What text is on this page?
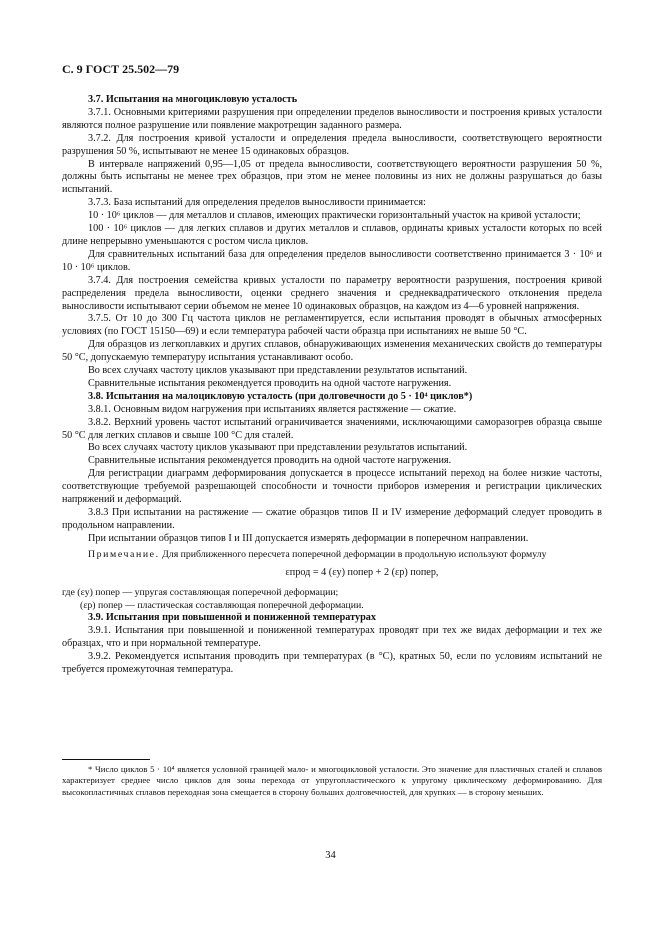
С. 9 ГОСТ 25.502—79

3.7. Испытания на многоцикловую усталость

3.7.1. Основными критериями разрушения при определении пределов выносливости и построения кривых усталости являются полное разрушение или появление макротрещин заданного размера.

3.7.2. Для построения кривой усталости и определения предела выносливости, соответствующего вероятности разрушения 50 %, испытывают не менее 15 одинаковых образцов.

В интервале напряжений 0,95—1,05 от предела выносливости, соответствующего вероятности разрушения 50 %, должны быть испытаны не менее трех образцов, при этом не менее половины из них не должны разрушаться до базы испытаний.

3.7.3. База испытаний для определения пределов выносливости принимается:

10 · 10⁶ циклов — для металлов и сплавов, имеющих практически горизонтальный участок на кривой усталости;

100 · 10⁶ циклов — для легких сплавов и других металлов и сплавов, ординаты кривых усталости которых по всей длине непрерывно уменьшаются с ростом числа циклов.

Для сравнительных испытаний база для определения пределов выносливости соответственно принимается 3 · 10⁶ и 10 · 10⁶ циклов.

3.7.4. Для построения семейства кривых усталости по параметру вероятности разрушения, построения кривой распределения предела выносливости, оценки среднего значения и среднеквадратического отклонения предела выносливости испытывают серии объемом не менее 10 одинаковых образцов, на каждом из 4—6 уровней напряжения.

3.7.5. От 10 до 300 Гц частота циклов не регламентируется, если испытания проводят в обычных атмосферных условиях (по ГОСТ 15150—69) и если температура рабочей части образца при испытаниях не выше 50 °С.

Для образцов из легкоплавких и других сплавов, обнаруживающих изменения механических свойств до температуры 50 °С, допускаемую температуру испытания устанавливают особо.

Во всех случаях частоту циклов указывают при представлении результатов испытаний.

Сравнительные испытания рекомендуется проводить на одной частоте нагружения.

3.8. Испытания на малоцикловую усталость (при долговечности до 5 · 10⁴ циклов*)

3.8.1. Основным видом нагружения при испытаниях является растяжение — сжатие.

3.8.2. Верхний уровень частот испытаний ограничивается значениями, исключающими саморазогрев образца свыше 50 °С для легких сплавов и свыше 100 °С для сталей.

Во всех случаях частоту циклов указывают при представлении результатов испытаний.

Сравнительные испытания рекомендуется проводить на одной частоте нагружения.

Для регистрации диаграмм деформирования допускается в процессе испытаний переход на более низкие частоты, соответствующие требуемой разрешающей способности и точности приборов измерения и регистрации циклических напряжений и деформаций.

3.8.3 При испытании на растяжение — сжатие образцов типов II и IV измерение деформаций следует проводить в продольном направлении.

При испытании образцов типов I и III допускается измерять деформации в поперечном направлении.

Примечание. Для приближенного пересчета поперечной деформации в продольную используют формулу

εпрод = 4 (εу) попер + 2 (εр) попер,

где (εу) попер — упругая составляющая поперечной деформации;

(εр) попер — пластическая составляющая поперечной деформации.

3.9. Испытания при повышенной и пониженной температурах

3.9.1. Испытания при повышенной и пониженной температурах проводят при тех же видах деформации и тех же образцах, что и при нормальной температуре.

3.9.2. Рекомендуется испытания проводить при температурах (в °С), кратных 50, если по условиям испытаний не требуется промежуточная температура.

* Число циклов 5 · 10⁴ является условной границей мало- и многоцикловой усталости. Это значение для пластичных сталей и сплавов характеризует среднее число циклов для зоны перехода от упругопластического к упругому циклическому деформированию. Для высокопластичных сплавов переходная зона смещается в сторону больших долговечностей, для хрупких — в сторону меньших.
34
